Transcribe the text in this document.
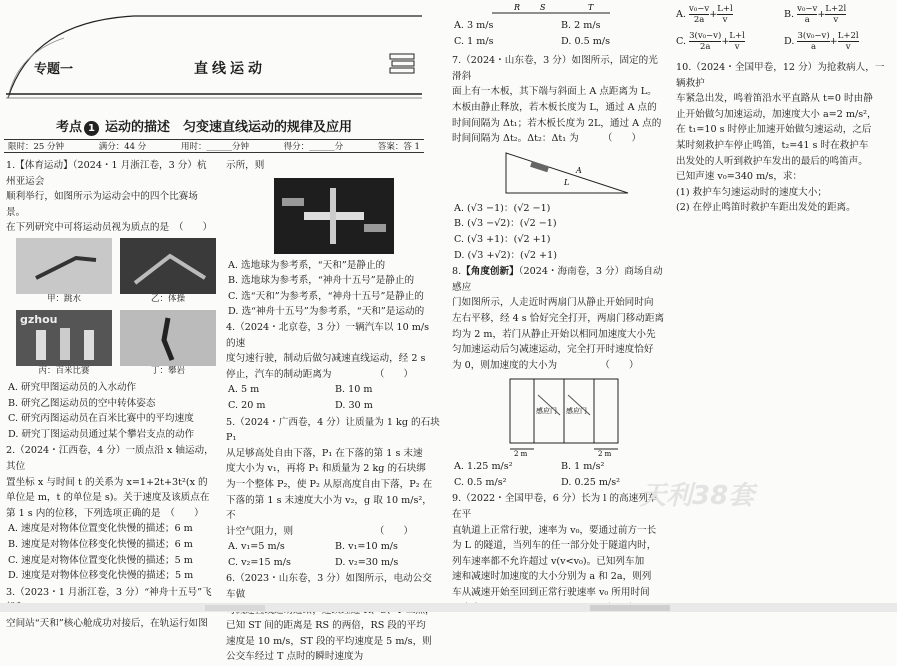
专题一	直线运动
考点 1 运动的描述　匀变速直线运动的规律及应用
限时：25 分钟	满分：44 分	用时：______分钟	得分：______分	答案：答 1

1.【体育运动】（2024・1 月浙江卷，3 分）杭州亚运会

顺利举行，如图所示为运动会中的四个比赛场景。

在下列研究中可将运动员视为质点的是　（　　）

甲：跳水	乙：体操
gzhou
丙：百米比赛	丁：攀岩

A. 研究甲图运动员的入水动作

B. 研究乙图运动员的空中转体姿态

C. 研究丙图运动员在百米比赛中的平均速度

D. 研究丁图运动员通过某个攀岩支点的动作

2.（2024・江西卷，4 分）一质点沿 x 轴运动，其位

置坐标 x 与时间 t 的关系为 x=1+2t+3t²(x 的

单位是 m，t 的单位是 s)。关于速度及该质点在

第 1 s 内的位移，下列选项正确的是　（　　）

A. 速度是对物体位置变化快慢的描述；6 m

B. 速度是对物体位移变化快慢的描述；6 m

C. 速度是对物体位置变化快慢的描述；5 m

D. 速度是对物体位移变化快慢的描述；5 m

3.（2023・1 月浙江卷，3 分）“神舟十五号”飞

空间站“天和”核心舱成功对接后，在轨运行如图

示所，则

A. 选地球为参考系，“天和”是静止的

B. 选地球为参考系，“神舟十五号”是静止的

C. 选“天和”为参考系，“神舟十五号”是静止的

D. 选“神舟十五号”为参考系，“天和”是运动的

4.（2024・北京卷，3 分）一辆汽车以 10 m/s 的速

度匀速行驶，制动后做匀减速直线运动，经 2 s

停止，汽车的制动距离为　　　　　（　　）

A. 5 m	B. 10 m
C. 20 m	D. 30 m

5.（2024・广西卷，4 分）让质量为 1 kg 的石块 P₁

从足够高处自由下落，P₁ 在下落的第 1 s 末速

度大小为 v₁，再将 P₁ 和质量为 2 kg 的石块绑

为一个整体 P₂，使 P₂ 从原高度自由下落，P₂ 在

下落的第 1 s 末速度大小为 v₂，g 取 10 m/s²，不

计空气阻力，则　　　　　　　　　（　　）

A. v₁=5 m/s	B. v₁=10 m/s
C. v₂=15 m/s	D. v₂=30 m/s

6.（2023・山东卷，3 分）如图所示，电动公交车做

已知 ST 间的距离是 RS 的两倍，RS 段的平均

速度是 10 m/s，ST 段的平均速度是 5 m/s，则

公交车经过 T 点时的瞬时速度为

R S	T
A. 3 m/s	B. 2 m/s
C. 1 m/s	D. 0.5 m/s

7.（2024・山东卷，3 分）如图所示，固定的光滑斜

面上有一木板，其下端与斜面上 A 点距离为 L。

木板由静止释放，若木板长度为 L，通过 A 点的

时间间隔为 Δt₁；若木板长度为 2L，通过 A 点的

时间间隔为 Δt₂。Δt₂：Δt₁ 为　　　（　　）

L
A

A. (√3 −1)：(√2 −1)

B. (√3 −√2)：(√2 −1)

C. (√3 +1)：(√2 +1)

D. (√3 +√2)：(√2 +1)

8.【角度创新】（2024・海南卷，3 分）商场自动感应

门如图所示，人走近时两扇门从静止开始同时向

左右平移，经 4 s 恰好完全打开，两扇门移动距离

均为 2 m，若门从静止开始以相同加速度大小先

匀加速运动后匀减速运动，完全打开时速度恰好

为 0，则加速度的大小为　　　　　（　　）

感应门 感应门
2 m	2 m
A. 1.25 m/s²	B. 1 m/s²
C. 0.5 m/s²	D. 0.25 m/s²

9.（2022・全国甲卷，6 分）长为 l 的高速列车在平

直轨道上正常行驶，速率为 v₀，要通过前方一长

为 L 的隧道，当列车的任一部分处于隧道内时，

列车速率都不允许超过 v(v<v₀)。已知列车加

速和减速时加速度的大小分别为 a 和 2a，则列

车从减速开始至回到正常行驶速率 v₀ 所用时间

A. $\frac{\text{v₀−v}}{2a} + \frac{L+l}{v}$	B. $\frac{\text{v₀−v}}{a} + \frac{L+2l}{v}$
C. $\frac{\text{3(v₀−v)}}{2a} + \frac{L+l}{v}$	D. $\frac{\text{3(v₀−v)}}{a} + \frac{L+2l}{v}$

10.（2024・全国甲卷，12 分）为抢救病人，一辆救护

车紧急出发，鸣着笛沿水平直路从 t=0 时由静

止开始做匀加速运动，加速度大小 a=2 m/s²，

在 t₁=10 s 时停止加速开始做匀速运动，之后

某时刻救护车停止鸣笛，t₂=41 s 时在救护车

出发处的人听到救护车发出的最后的鸣笛声。

已知声速 v₀=340 m/s，求：

(1) 救护车匀速运动时的速度大小；

(2) 在停止鸣笛时救护车距出发处的距离。

天利38套
